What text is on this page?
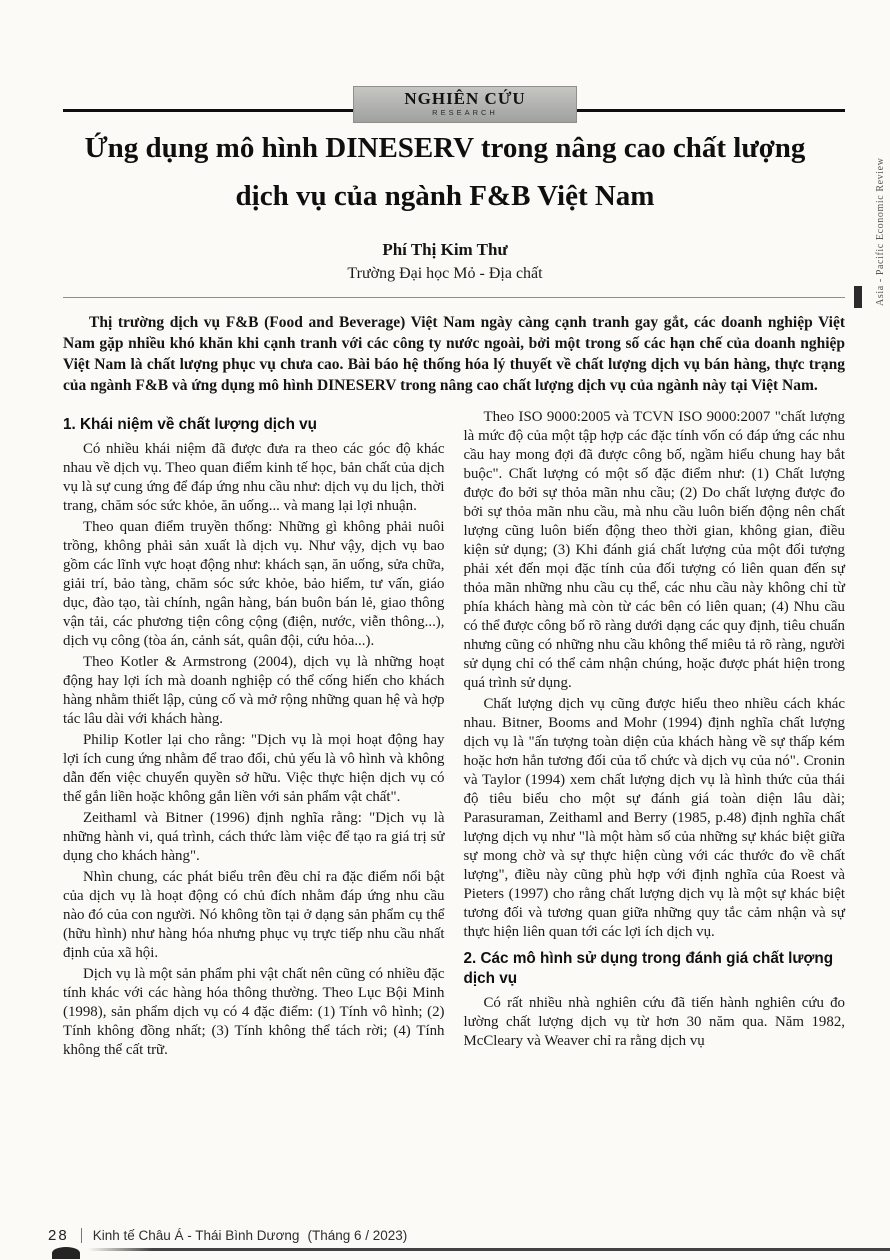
NGHIÊN CỨU
RESEARCH
Ứng dụng mô hình DINESERV trong nâng cao chất lượng
dịch vụ của ngành F&B Việt Nam
Phí Thị Kim Thư
Trường Đại học Mỏ - Địa chất	Asia - Pacific Economic Review

Thị trường dịch vụ F&B (Food and Beverage) Việt Nam ngày càng cạnh tranh gay gắt, các doanh nghiệp Việt Nam gặp nhiều khó khăn khi cạnh tranh với các công ty nước ngoài, bởi một trong số các hạn chế của doanh nghiệp Việt Nam là chất lượng phục vụ chưa cao. Bài báo hệ thống hóa lý thuyết về chất lượng dịch vụ bán hàng, thực trạng của ngành F&B và ứng dụng mô hình DINESERV trong nâng cao chất lượng dịch vụ của ngành này tại Việt Nam.

1. Khái niệm về chất lượng dịch vụ

Có nhiều khái niệm đã được đưa ra theo các góc độ khác nhau về dịch vụ. Theo quan điểm kinh tế học, bản chất của dịch vụ là sự cung ứng để đáp ứng nhu cầu như: dịch vụ du lịch, thời trang, chăm sóc sức khỏe, ăn uống... và mang lại lợi nhuận.

Theo quan điểm truyền thống: Những gì không phải nuôi trồng, không phải sản xuất là dịch vụ. Như vậy, dịch vụ bao gồm các lĩnh vực hoạt động như: khách sạn, ăn uống, sửa chữa, giải trí, bảo tàng, chăm sóc sức khỏe, bảo hiểm, tư vấn, giáo dục, đào tạo, tài chính, ngân hàng, bán buôn bán lẻ, giao thông vận tải, các phương tiện công cộng (điện, nước, viễn thông...), dịch vụ công (tòa án, cảnh sát, quân đội, cứu hỏa...).

Theo Kotler & Armstrong (2004), dịch vụ là những hoạt động hay lợi ích mà doanh nghiệp có thể cống hiến cho khách hàng nhằm thiết lập, củng cố và mở rộng những quan hệ và hợp tác lâu dài với khách hàng.

Philip Kotler lại cho rằng: "Dịch vụ là mọi hoạt động hay lợi ích cung ứng nhằm để trao đổi, chủ yếu là vô hình và không dẫn đến việc chuyển quyền sở hữu. Việc thực hiện dịch vụ có thể gắn liền hoặc không gắn liền với sản phẩm vật chất".

Zeithaml và Bitner (1996) định nghĩa rằng: "Dịch vụ là những hành vi, quá trình, cách thức làm việc để tạo ra giá trị sử dụng cho khách hàng".

Nhìn chung, các phát biểu trên đều chỉ ra đặc điểm nổi bật của dịch vụ là hoạt động có chủ đích nhằm đáp ứng nhu cầu nào đó của con người. Nó không tồn tại ở dạng sản phẩm cụ thể (hữu hình) như hàng hóa nhưng phục vụ trực tiếp nhu cầu nhất định của xã hội.

Dịch vụ là một sản phẩm phi vật chất nên cũng có nhiều đặc tính khác với các hàng hóa thông thường. Theo Lục Bội Minh (1998), sản phẩm dịch vụ có 4 đặc điểm: (1) Tính vô hình; (2) Tính không đồng nhất; (3) Tính không thể tách rời; (4) Tính không thể cất trữ.

Theo ISO 9000:2005 và TCVN ISO 9000:2007 "chất lượng là mức độ của một tập hợp các đặc tính vốn có đáp ứng các nhu cầu hay mong đợi đã được công bố, ngầm hiểu chung hay bắt buộc". Chất lượng có một số đặc điểm như: (1) Chất lượng được đo bởi sự thỏa mãn nhu cầu; (2) Do chất lượng được đo bởi sự thỏa mãn nhu cầu, mà nhu cầu luôn biến động nên chất lượng cũng luôn biến động theo thời gian, không gian, điều kiện sử dụng; (3) Khi đánh giá chất lượng của một đối tượng phải xét đến mọi đặc tính của đối tượng có liên quan đến sự thỏa mãn những nhu cầu cụ thể, các nhu cầu này không chỉ từ phía khách hàng mà còn từ các bên có liên quan; (4) Nhu cầu có thể được công bố rõ ràng dưới dạng các quy định, tiêu chuẩn nhưng cũng có những nhu cầu không thể miêu tả rõ ràng, người sử dụng chỉ có thể cảm nhận chúng, hoặc được phát hiện trong quá trình sử dụng.

Chất lượng dịch vụ cũng được hiểu theo nhiều cách khác nhau. Bitner, Booms and Mohr (1994) định nghĩa chất lượng dịch vụ là "ấn tượng toàn diện của khách hàng về sự thấp kém hoặc hơn hẳn tương đối của tổ chức và dịch vụ của nó". Cronin và Taylor (1994) xem chất lượng dịch vụ là hình thức của thái độ tiêu biểu cho một sự đánh giá toàn diện lâu dài; Parasuraman, Zeithaml and Berry (1985, p.48) định nghĩa chất lượng dịch vụ như "là một hàm số của những sự khác biệt giữa sự mong chờ và sự thực hiện cùng với các thước đo về chất lượng", điều này cũng phù hợp với định nghĩa của Roest và Pieters (1997) cho rằng chất lượng dịch vụ là một sự khác biệt tương đối và tương quan giữa những quy tắc cảm nhận và sự thực hiện liên quan tới các lợi ích dịch vụ.

2. Các mô hình sử dụng trong đánh giá chất lượng dịch vụ

Có rất nhiều nhà nghiên cứu đã tiến hành nghiên cứu đo lường chất lượng dịch vụ từ hơn 30 năm qua. Năm 1982, McCleary và Weaver chỉ ra rằng dịch vụ

28 Kinh tế Châu Á - Thái Bình Dương (Tháng 6 / 2023)
